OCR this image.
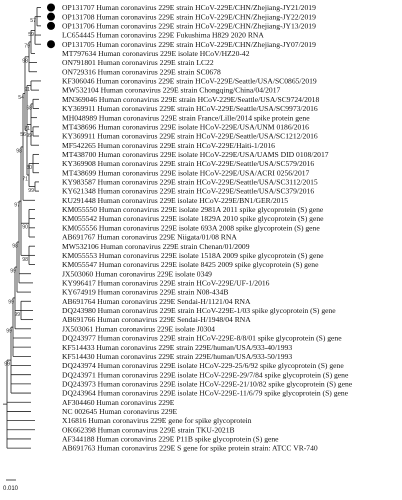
OP131707 Human coronavirus 229E strain HCoV-229E/CHN/Zhejiang-JY21/2019
OP131708 Human coronavirus 229E strain HCoV-229E/CHN/Zhejiang-JY22/2019
OP131706 Human coronavirus 229E strain HCoV-229E/CHN/Zhejiang-JY13/2019
LC654445 Human coronavirus 229E Fukushima H829 2020 RNA
OP131705 Human coronavirus 229E strain HCoV-229E/CHN/Zhejiang-JY07/2019
MT797634 Human coronavirus 229E isolate HCoV/HZ20-42
ON791801 Human coronavirus 229E strain LC22
ON729316 Human coronavirus 229E strain SC0678
KF306046 Human coronavirus 229E strain HCoV-229E/Seattle/USA/SC0865/2019
MW532104 Human coronavirus 229E strain Chongqing/China/04/2017
MN369046 Human coronavirus 229E strain HCoV-229E/Seattle/USA/SC9724/2018
KY369911 Human coronavirus 229E strain HCoV-229E/Seattle/USA/SC9973/2016
MH048989 Human coronavirus 229E strain France/Lille/2014 spike protein gene
MT438696 Human coronavirus 229E isolate HCoV-229E/USA/UNM 0186/2016
KY369911 Human coronavirus 229E strain HCoV-229E/Seattle/USA/SC1212/2016
MF542265 Human coronavirus 229E strain HCoV-229E/Haiti-1/2016
MT438700 Human coronavirus 229E isolate HCoV-229E/USA/UAMS DID 0108/2017
KY369908 Human coronavirus 229E strain HCoV-229E/Seattle/USA/SC579/2016
MT438699 Human coronavirus 229E isolate HCoV-229E/USA/ACRI 0256/2017
KY983587 Human coronavirus 229E strain HCoV-229E/Seattle/USA/SC3112/2015
KY621348 Human coronavirus 229E strain HCoV-229E/Seattle/USA/SC379/2016
KU291448 Human coronavirus 229E isolate HCoV-229E/BN1/GER/2015
KM055550 Human coronavirus 229E isolate 2981A 2011 spike glycoprotein (S) gene
KM055542 Human coronavirus 229E isolate 1829A 2010 spike glycoprotein (S) gene
KM055556 Human coronavirus 229E isolate 693A 2008 spike glycoprotein (S) gene
AB691767 Human coronavirus 229E Niigata/01/08 RNA
MW532106 Human coronavirus 229E strain Chenan/01/2009
KM055553 Human coronavirus 229E isolate 1518A 2009 spike glycoprotein (S) gene
KM055547 Human coronavirus 229E isolate 8425 2009 spike glycoprotein (S) gene
JX503060 Human coronavirus 229E isolate 0349
KY996417 Human coronavirus 229E strain HCoV-229E/UF-1/2016
KY674919 Human coronavirus 229E strain N08-434B
AB691764 Human coronavirus 229E Sendai-H/1121/04 RNA
DQ243980 Human coronavirus 229E strain HCoV-229E-1/03 spike glycoprotein (S) gene
AB691766 Human coronavirus 229E Sendai-H/1948/04 RNA
JX503061 Human coronavirus 229E isolate J0304
DQ243977 Human coronavirus 229E strain HCoV-229E-8/8/01 spike glycoprotein (S) gene
KF514433 Human coronavirus 229E strain 229E/human/USA/933-40/1993
KF514430 Human coronavirus 229E strain 229E/human/USA/933-50/1993
DQ243974 Human coronavirus 229E isolate HCoV-229-25/6/92 spike glycoprotein (S) gene
DQ243971 Human coronavirus 229E isolate HCoV-229E-29/7/84 spike glycoprotein (S) gene
DQ243973 Human coronavirus 229E isolate HCoV-229E-21/10/82 spike glycoprotein (S) gene
DQ243964 Human coronavirus 229E isolate HCoV-229E-11/6/79 spike glycoprotein (S) gene
AF304460 Human coronavirus 229E
NC 002645 Human coronavirus 229E
X16816 Human coronavirus 229E gene for spike glycoprotein
OK662398 Human coronavirus 229E strain TKU-2021B
AF344188 Human coronavirus 229E P11B spike glycoprotein (S) gene
AB691763 Human coronavirus 229E S gene for spike protein strain: ATCC VR-740
57
59
79
98
91
68
99
71
80
99
71
56
54
98
90
98
97
98
99
99
99
99
99
0.010
